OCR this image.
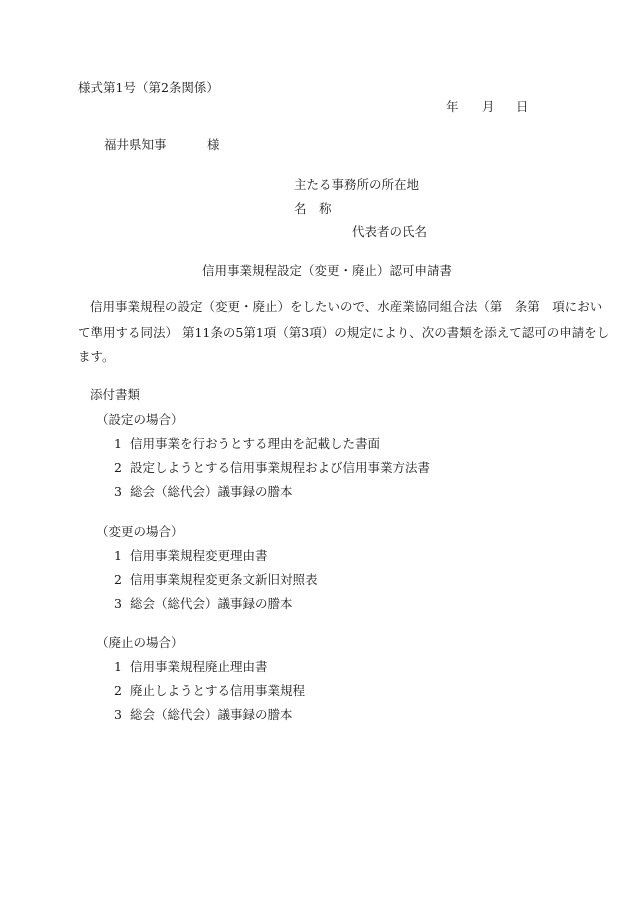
様式第1号（第2条関係）
年 月 日
福井県知事	様
主たる事務所の所在地
名　称
代表者の氏名
信用事業規程設定（変更・廃止）認可申請書
信用事業規程の設定（変更・廃止）をしたいので、水産業協同組合法（第　条第　項におい
て準用する同法） 第11条の5第1項（第3項）の規定により、次の書類を添えて認可の申請をし
ます。
添付書類
（設定の場合）
1 信用事業を行おうとする理由を記載した書面
2 設定しようとする信用事業規程および信用事業方法書
3 総会（総代会）議事録の謄本
（変更の場合）
1 信用事業規程変更理由書
2 信用事業規程変更条文新旧対照表
3 総会（総代会）議事録の謄本
（廃止の場合）
1 信用事業規程廃止理由書
2 廃止しようとする信用事業規程
3 総会（総代会）議事録の謄本
